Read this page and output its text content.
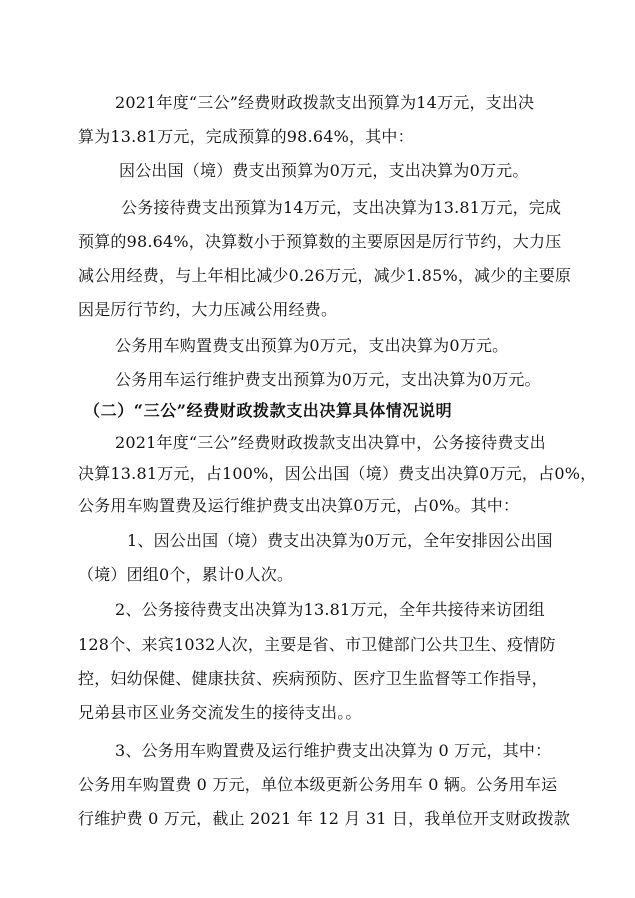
2021年度“三公”经费财政拨款支出预算为14万元，支出决
算为13.81万元，完成预算的98.64%，其中：
因公出国（境）费支出预算为0万元，支出决算为0万元。
公务接待费支出预算为14万元，支出决算为13.81万元，完成
预算的98.64%，决算数小于预算数的主要原因是厉行节约，大力压
减公用经费，与上年相比减少0.26万元，减少1.85%，减少的主要原
因是厉行节约，大力压减公用经费。
公务用车购置费支出预算为0万元，支出决算为0万元。
公务用车运行维护费支出预算为0万元，支出决算为0万元。
（二）“三公”经费财政拨款支出决算具体情况说明
2021年度“三公”经费财政拨款支出决算中，公务接待费支出
决算13.81万元，占100%，因公出国（境）费支出决算0万元，占0%，
公务用车购置费及运行维护费支出决算0万元，占0%。其中：
1、因公出国（境）费支出决算为0万元，全年安排因公出国
（境）团组0个，累计0人次。
2、公务接待费支出决算为13.81万元，全年共接待来访团组
128个、来宾1032人次，主要是省、市卫健部门公共卫生、疫情防
控，妇幼保健、健康扶贫、疾病预防、医疗卫生监督等工作指导，
兄弟县市区业务交流发生的接待支出。。
3、公务用车购置费及运行维护费支出决算为 0 万元，其中：
公务用车购置费 0 万元，单位本级更新公务用车 0 辆。公务用车运
行维护费 0 万元，截止 2021 年 12 月 31 日，我单位开支财政拨款
